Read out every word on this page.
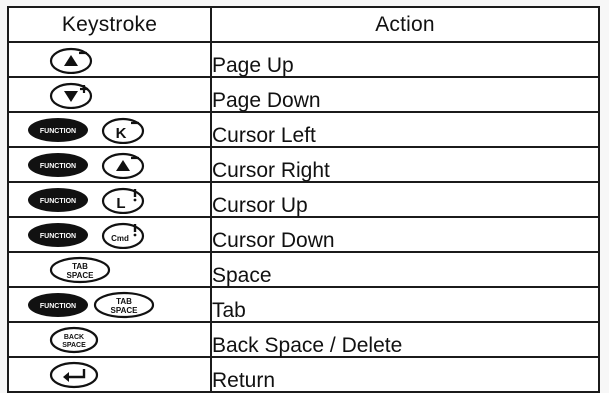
Keystroke	Action

	Page Up

	Page Down

FUNCTION K	Cursor Left

FUNCTION	Cursor Right

FUNCTION L	Cursor Up

FUNCTION Cmd	Cursor Down

TAB
SPACE	Space

FUNCTION
TAB
SPACE	Tab

BACK
SPACE	Back Space / Delete

	Return
